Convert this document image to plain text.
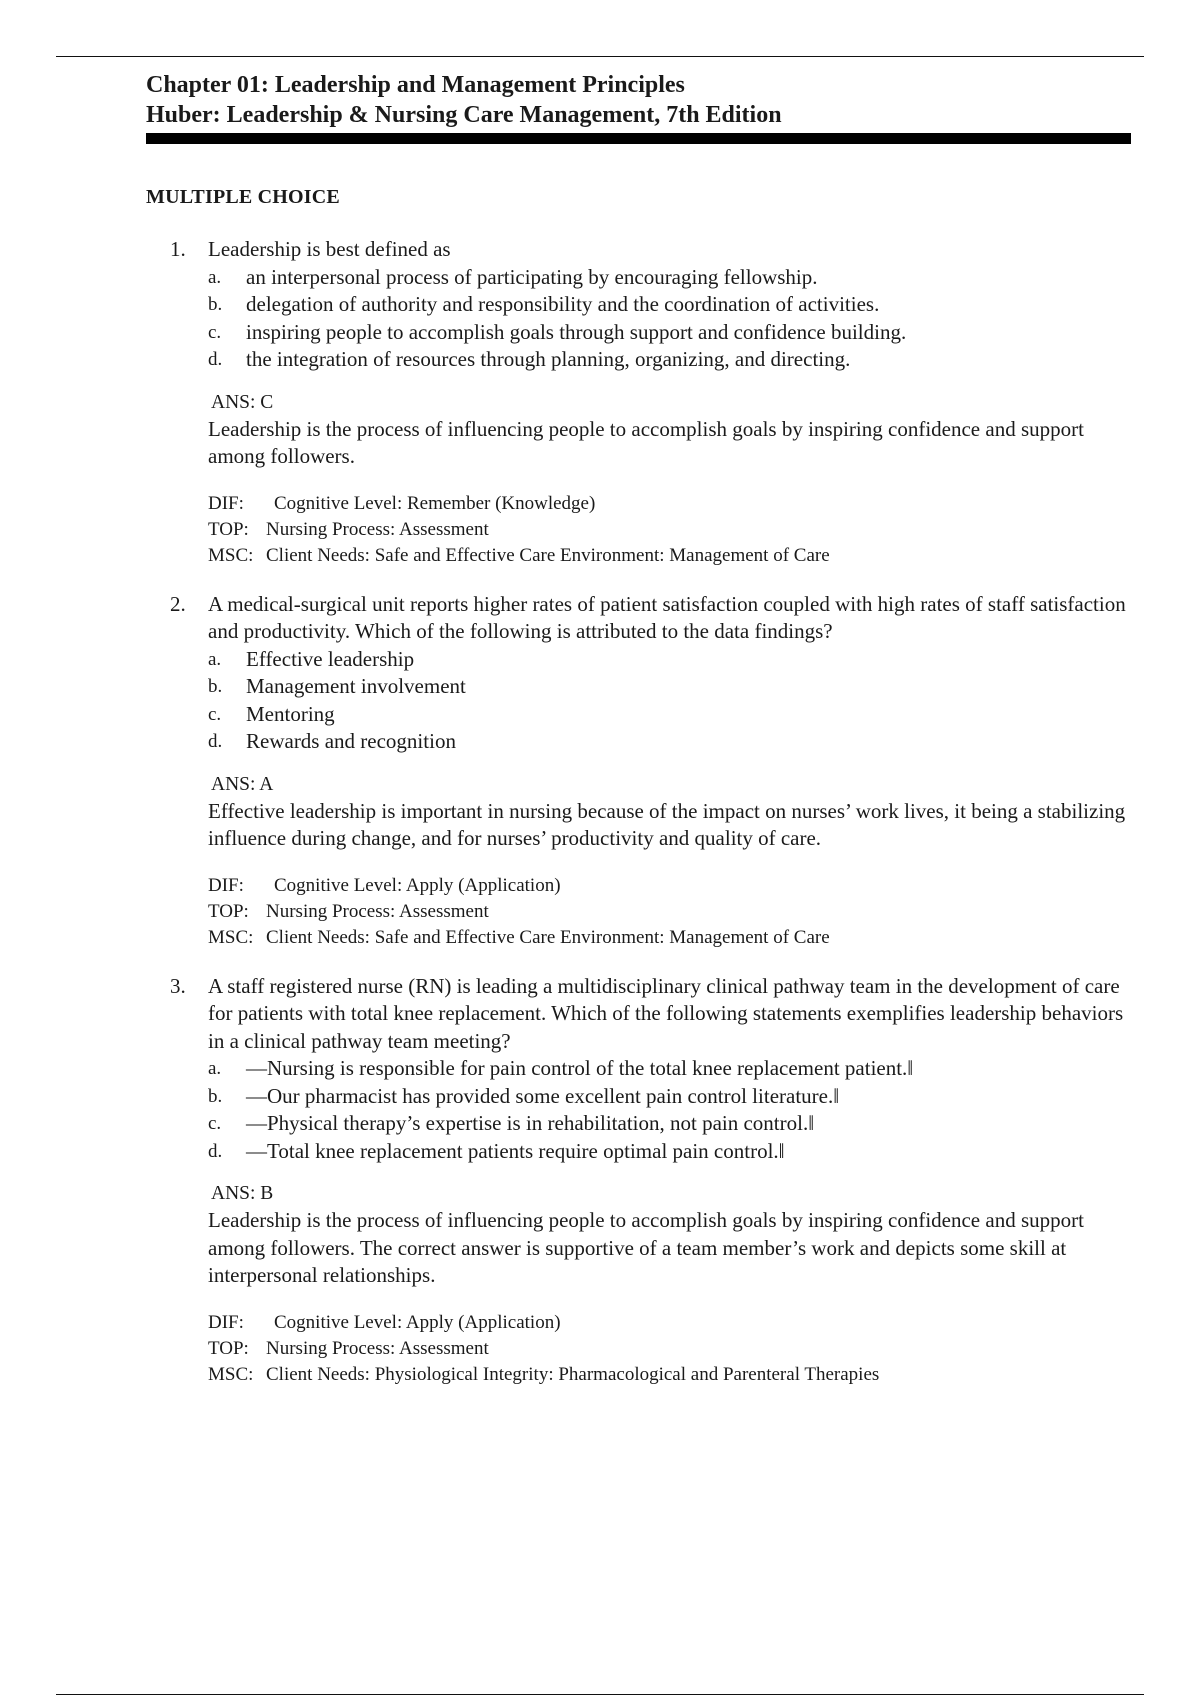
Chapter 01: Leadership and Management Principles
Huber: Leadership & Nursing Care Management, 7th Edition
MULTIPLE CHOICE
1.	Leadership is best defined as
a.	an interpersonal process of participating by encouraging fellowship.
b.	delegation of authority and responsibility and the coordination of activities.
c.	inspiring people to accomplish goals through support and confidence building.
d.	the integration of resources through planning, organizing, and directing.
ANS: C
Leadership is the process of influencing people to accomplish goals by inspiring confidence and support among followers.
DIF:	Cognitive Level: Remember (Knowledge)
TOP: Nursing Process: Assessment
MSC: Client Needs: Safe and Effective Care Environment: Management of Care
2.	A medical-surgical unit reports higher rates of patient satisfaction coupled with high rates of staff satisfaction and productivity. Which of the following is attributed to the data findings?
a.	Effective leadership
b.	Management involvement
c.	Mentoring
d.	Rewards and recognition
ANS: A
Effective leadership is important in nursing because of the impact on nurses’ work lives, it being a stabilizing influence during change, and for nurses’ productivity and quality of care.
DIF:	Cognitive Level: Apply (Application)
TOP: Nursing Process: Assessment
MSC: Client Needs: Safe and Effective Care Environment: Management of Care
3.	A staff registered nurse (RN) is leading a multidisciplinary clinical pathway team in the development of care for patients with total knee replacement. Which of the following statements exemplifies leadership behaviors in a clinical pathway team meeting?
a.	―Nursing is responsible for pain control of the total knee replacement patient.‖
b.	―Our pharmacist has provided some excellent pain control literature.‖
c.	―Physical therapy’s expertise is in rehabilitation, not pain control.‖
d.	―Total knee replacement patients require optimal pain control.‖
ANS: B
Leadership is the process of influencing people to accomplish goals by inspiring confidence and support among followers. The correct answer is supportive of a team member’s work and depicts some skill at interpersonal relationships.
DIF:	Cognitive Level: Apply (Application)
TOP: Nursing Process: Assessment
MSC: Client Needs: Physiological Integrity: Pharmacological and Parenteral Therapies
